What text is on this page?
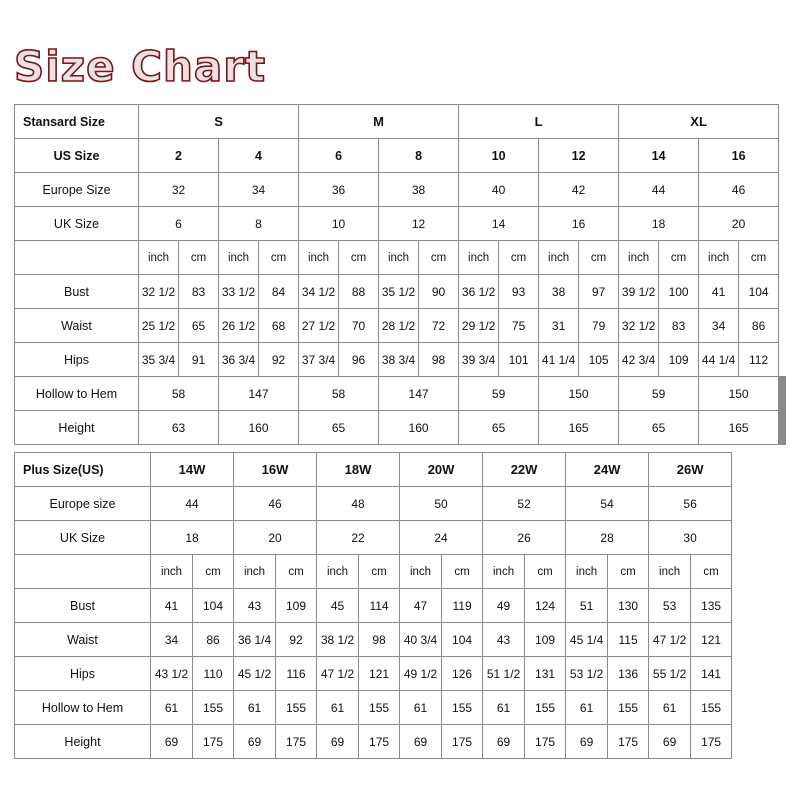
Size Chart
Stansard Size	S				M				L				XL							
US Size	2		4		6		8		10		12		14		16					
Europe Size	32		34		36		38		40		42		44		46					
UK Size	6		8		10		12		14		16		18		20					
	inch	cm	inch	cm	inch	cm	inch	cm	inch	cm	inch	cm	inch	cm	inch	cm				
Bust	32 1/2	83	33 1/2	84	34 1/2	88	35 1/2	90	36 1/2	93	38	97	39 1/2	100	41	104				
Waist	25 1/2	65	26 1/2	68	27 1/2	70	28 1/2	72	29 1/2	75	31	79	32 1/2	83	34	86				
Hips	35 3/4	91	36 3/4	92	37 3/4	96	38 3/4	98	39 3/4	101	41 1/4	105	42 3/4	109	44 1/4	112				
Hollow to Hem	58		147		58		147		59		150		59		150								
Height	63		160		65		160		65		165		65		165								
Plus Size(US)	14W		16W		18W		20W		22W		24W		26W	
Europe size	44		46		48		50		52		54		56	
UK Size	18		20		22		24		26		28		30	
	inch	cm	inch	cm	inch	cm	inch	cm	inch	cm	inch	cm	inch	cm
Bust	41	104	43	109	45	114	47	119	49	124	51	130	53	135
Waist	34	86	36 1/4	92	38 1/2	98	40 3/4	104	43	109	45 1/4	115	47 1/2	121
Hips	43 1/2	110	45 1/2	116	47 1/2	121	49 1/2	126	51 1/2	131	53 1/2	136	55 1/2	141
Hollow to Hem	61	155	61	155	61	155	61	155	61	155	61	155	61	155
Height	69	175	69	175	69	175	69	175	69	175	69	175	69	175
